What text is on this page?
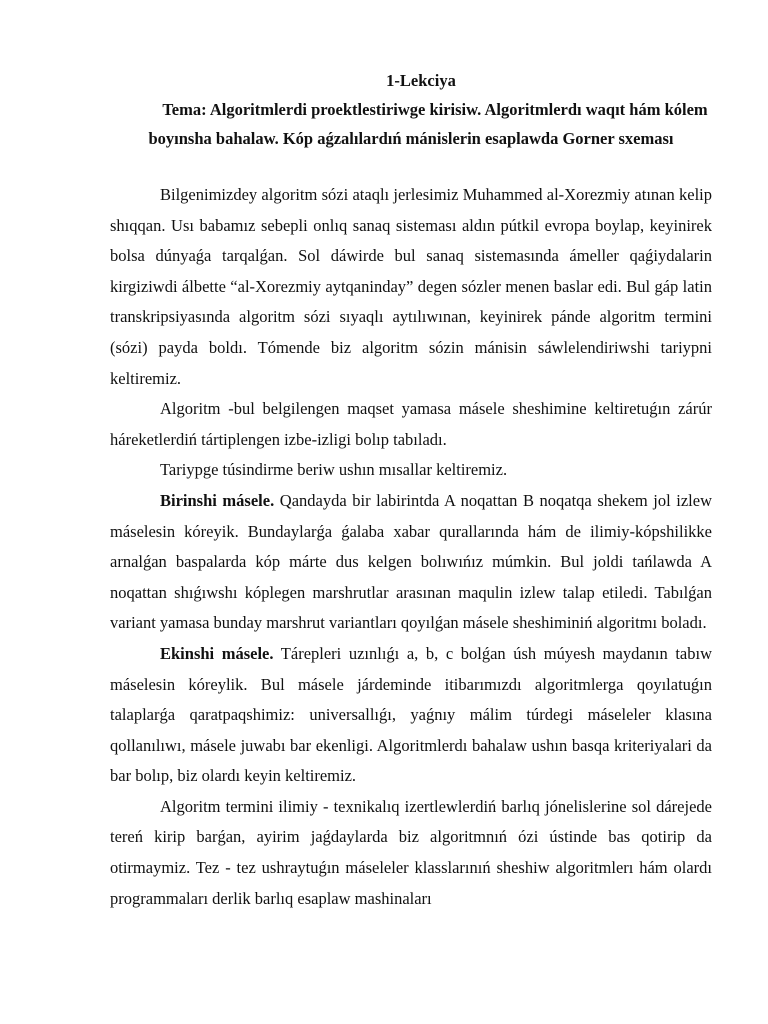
1-Lekciya
Tema: Algoritmlerdi proektlestiriwge kirisiw. Algoritmlerdı waqıt hám kólem boyınsha bahalaw. Kóp aǵzalılardıń mánislerin esaplawda Gorner sxeması

Bilgenimizdey algoritm sózi ataqlı jerlesimiz Muhammed al-Xorezmiy atınan kelip shıqqan. Usı babamız sebepli onlıq sanaq sisteması aldın pútkil evropa boylap, keyinirek bolsa dúnyaǵa tarqalǵan. Sol dáwirde bul sanaq sistemasında ámeller qaǵiydalarin kirgiziwdi álbette “al-Xorezmiy aytqaninday” degen sózler menen baslar edi. Bul gáp latin transkripsiyasında algoritm sózi sıyaqlı aytılıwınan, keyinirek pánde algoritm termini (sózi) payda boldı. Tómende biz algoritm sózin mánisin sáwlelendiriwshi tariypni keltiremiz.

Algoritm -bul belgilengen maqset yamasa másele sheshimine keltiretuǵın zárúr háreketlerdiń tártiplengen izbe-izligi bolıp tabıladı.

Tariypge túsindirme beriw ushın mısallar keltiremiz.

Birinshi másele. Qandayda bir labirintda A noqattan B noqatqa shekem jol izlew máselesin kóreyik. Bundaylarǵa ǵalaba xabar qurallarında hám de ilimiy-kópshilikke arnalǵan baspalarda kóp márte dus kelgen bolıwıńız múmkin. Bul joldi tańlawda A noqattan shıǵıwshı kóplegen marshrutlar arasınan maqulin izlew talap etiledi. Tabılǵan variant yamasa bunday marshrut variantları qoyılǵan másele sheshiminiń algoritmı boladı.

Ekinshi másele. Tárepleri uzınlıǵı a, b, c bolǵan úsh múyesh maydanın tabıw máselesin kóreylik. Bul másele járdeminde itibarımızdı algoritmlerga qoyılatuǵın talaplarǵa qaratpaqshimiz: universallıǵı, yaǵnıy málim túrdegi máseleler klasına qollanılıwı, másele juwabı bar ekenligi. Algoritmlerdı bahalaw ushın basqa kriteriyalari da bar bolıp, biz olardı keyin keltiremiz.

Algoritm termini ilimiy - texnikalıq izertlewlerdiń barlıq jónelislerine sol dárejede tereń kirip barǵan, ayirim jaǵdaylarda biz algoritmnıń ózi ústinde bas qotirip da otirmaymiz. Tez - tez ushraytuǵın máseleler klasslarınıń sheshiw algoritmlerı hám olardı programmaları derlik barlıq esaplaw mashinaları
